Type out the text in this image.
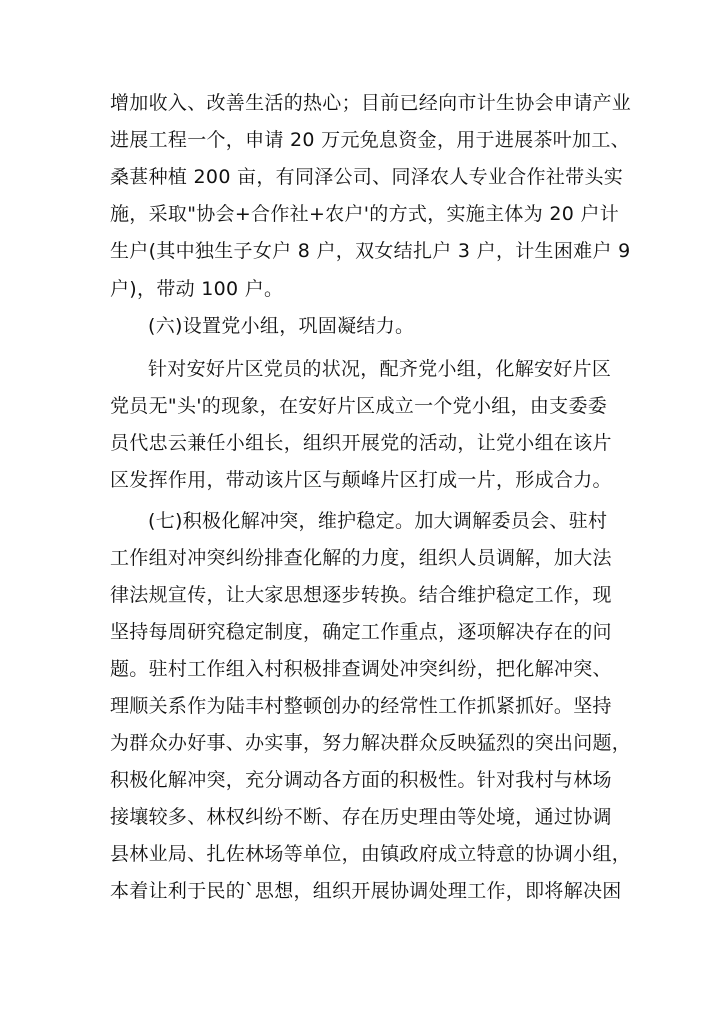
增加收入、改善生活的热心；目前已经向市计生协会申请产业
进展工程一个，申请 20 万元免息资金，用于进展茶叶加工、
桑葚种植 200 亩，有同泽公司、同泽农人专业合作社带头实
施，采取"协会+合作社+农户'的方式，实施主体为 20 户计
生户(其中独生子女户 8 户，双女结扎户 3 户，计生困难户 9
户)，带动 100 户。
(六)设置党小组，巩固凝结力。
针对安好片区党员的状况，配齐党小组，化解安好片区
党员无"头'的现象，在安好片区成立一个党小组，由支委委
员代忠云兼任小组长，组织开展党的活动，让党小组在该片
区发挥作用，带动该片区与颠峰片区打成一片，形成合力。
(七)积极化解冲突，维护稳定。加大调解委员会、驻村
工作组对冲突纠纷排查化解的力度，组织人员调解，加大法
律法规宣传，让大家思想逐步转换。结合维护稳定工作，现
坚持每周研究稳定制度，确定工作重点，逐项解决存在的问
题。驻村工作组入村积极排查调处冲突纠纷，把化解冲突、
理顺关系作为陆丰村整顿创办的经常性工作抓紧抓好。坚持
为群众办好事、办实事，努力解决群众反映猛烈的突出问题，
积极化解冲突，充分调动各方面的积极性。针对我村与林场
接壤较多、林权纠纷不断、存在历史理由等处境，通过协调
县林业局、扎佐林场等单位，由镇政府成立特意的协调小组，
本着让利于民的`思想，组织开展协调处理工作，即将解决困
